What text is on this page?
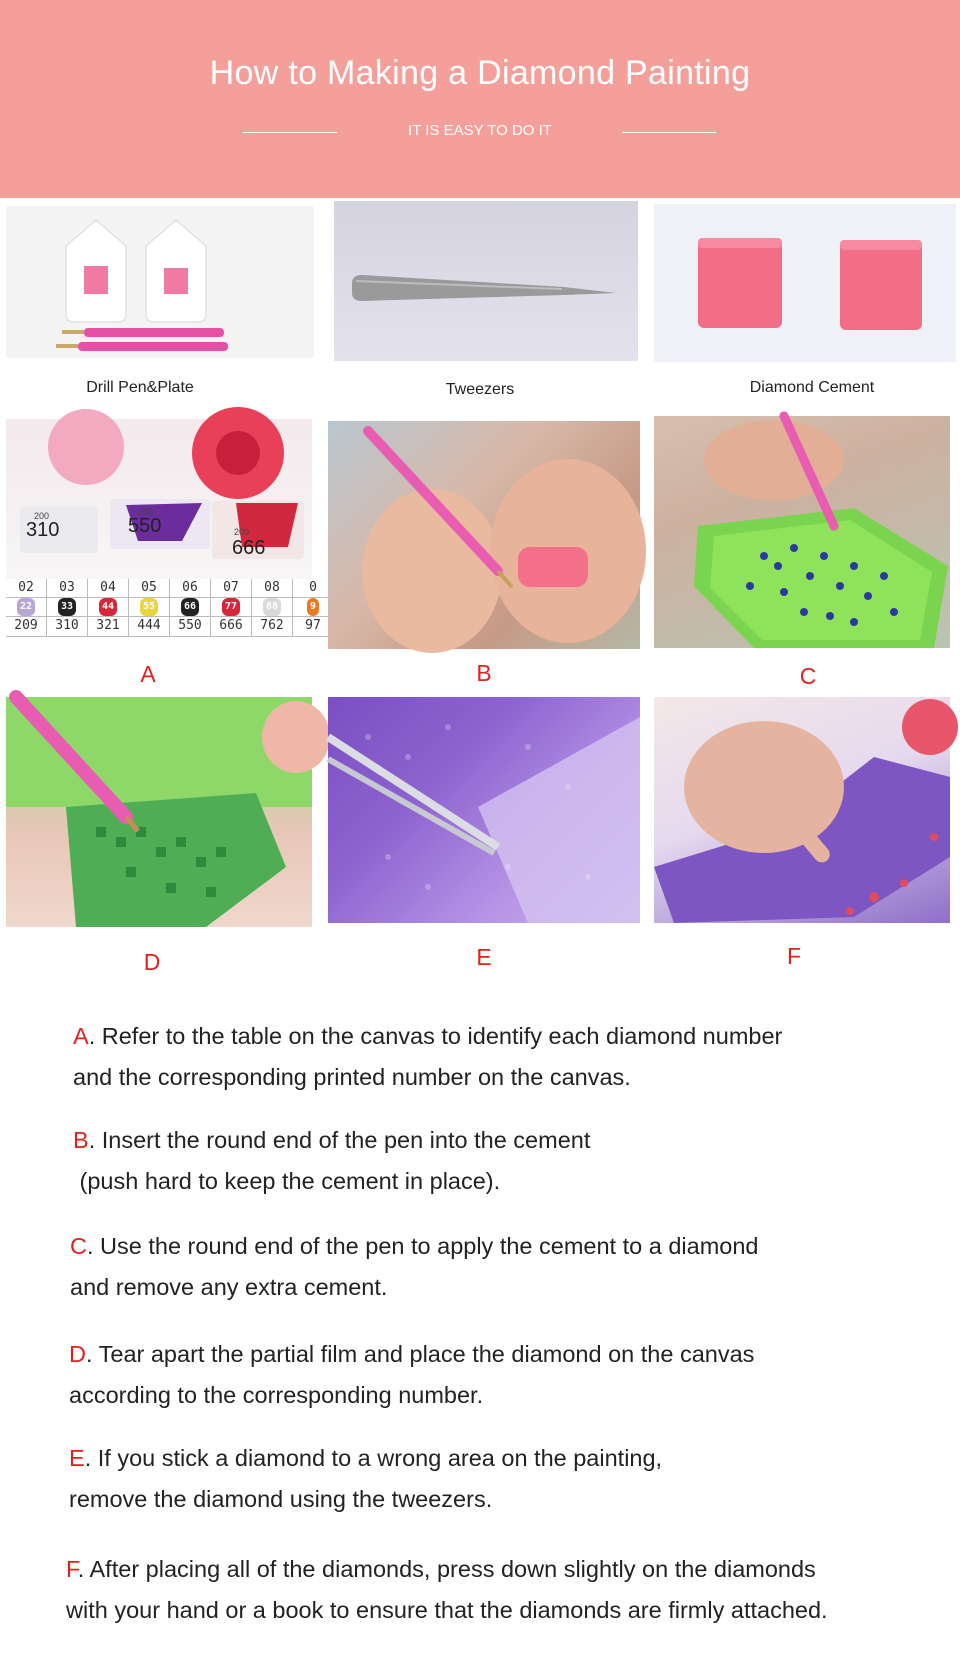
How to Making a Diamond Painting
IT IS EASY TO DO IT
Drill Pen&Plate	Tweezers	Diamond Cement
310	550
666
200	200
200
02	03	04	05	06	07	08	0
22	33	44	55	66	77	88	9
209	310	321	444	550	666	762	97
A	B	C
D	E	F
A. Refer to the table on the canvas to identify each diamond number
and the corresponding printed number on the canvas.
B. Insert the round end of the pen into the cement
(push hard to keep the cement in place).
C. Use the round end of the pen to apply the cement to a diamond
and remove any extra cement.
D. Tear apart the partial film and place the diamond on the canvas
according to the corresponding number.
E. If you stick a diamond to a wrong area on the painting,
remove the diamond using the tweezers.
F. After placing all of the diamonds, press down slightly on the diamonds
with your hand or a book to ensure that the diamonds are firmly attached.
